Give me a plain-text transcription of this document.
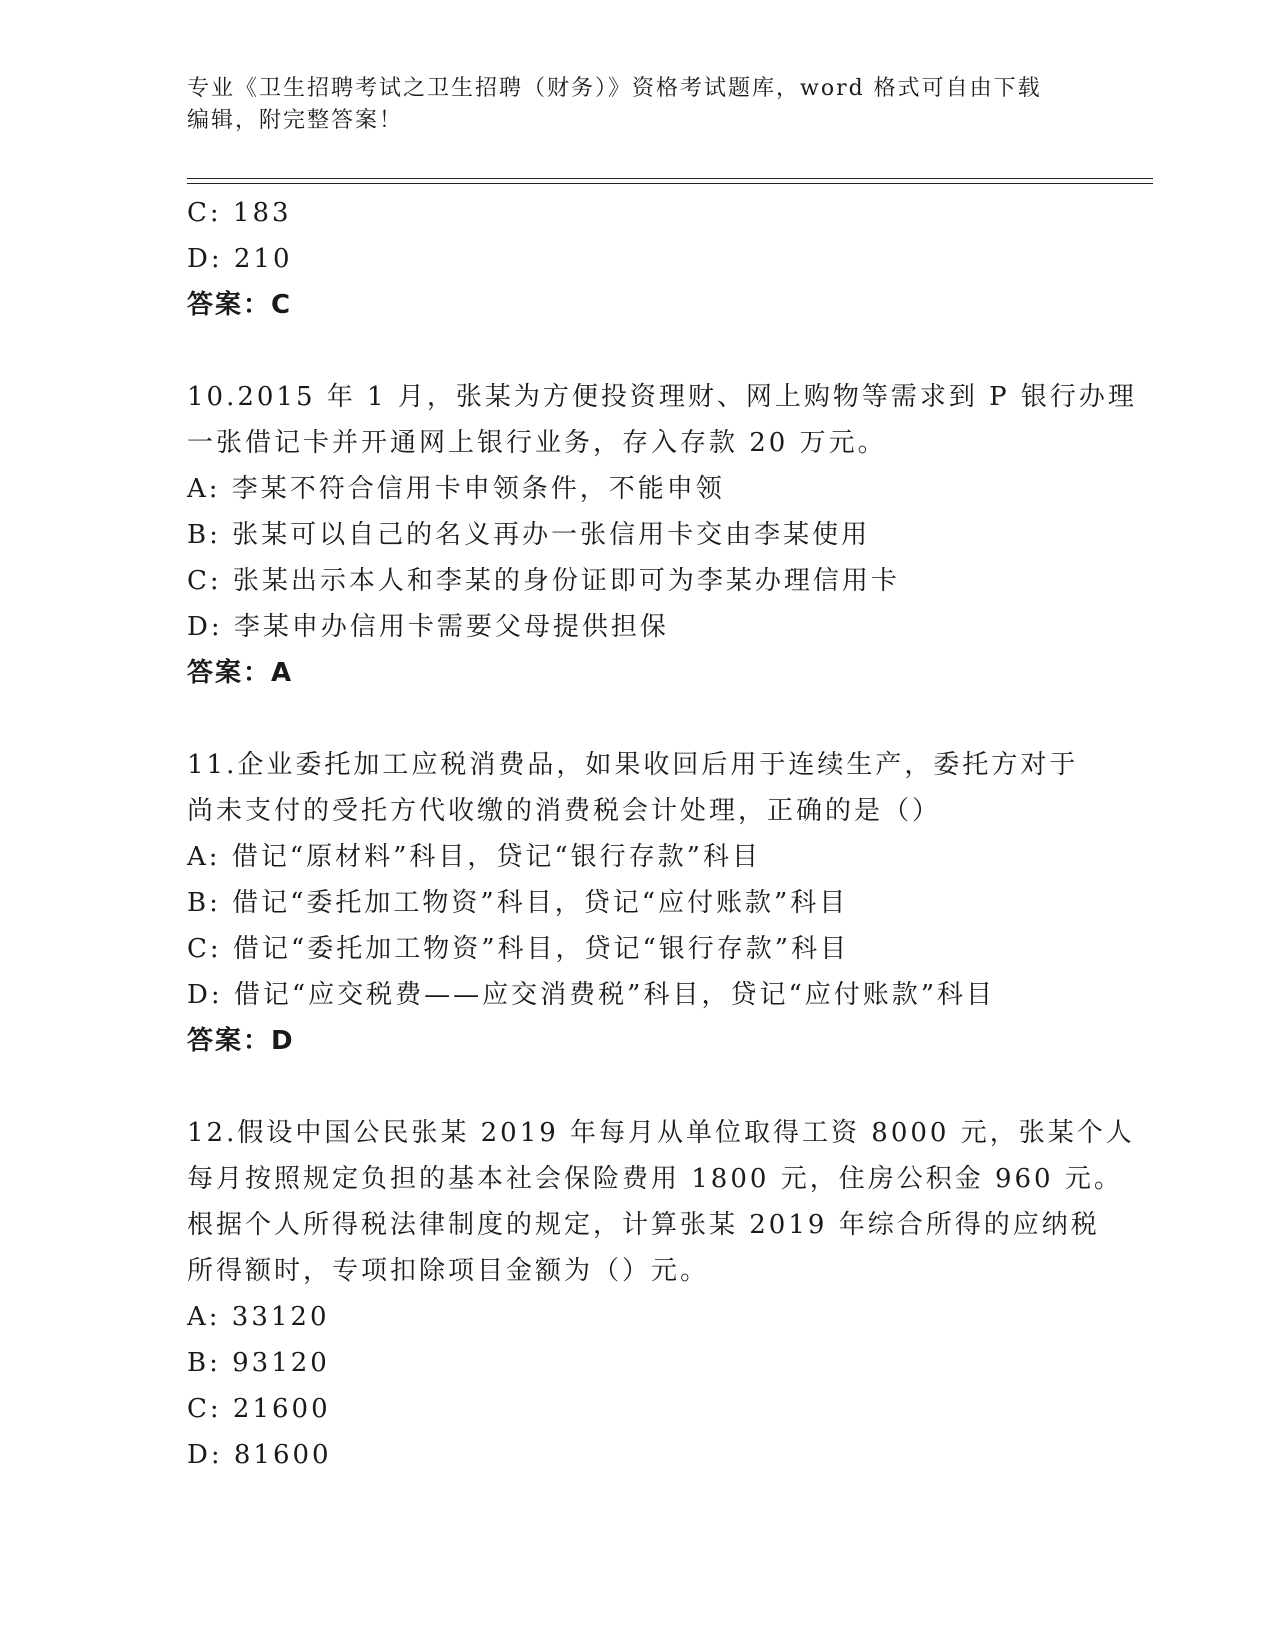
专业《卫生招聘考试之卫生招聘（财务）》资格考试题库，word 格式可自由下载
编辑，附完整答案！
C: 183
D: 210
答案：C
10.2015 年 1 月，张某为方便投资理财、网上购物等需求到 P 银行办理
一张借记卡并开通网上银行业务，存入存款 20 万元。
A: 李某不符合信用卡申领条件，不能申领
B: 张某可以自己的名义再办一张信用卡交由李某使用
C: 张某出示本人和李某的身份证即可为李某办理信用卡
D: 李某申办信用卡需要父母提供担保
答案：A
11.企业委托加工应税消费品，如果收回后用于连续生产，委托方对于
尚未支付的受托方代收缴的消费税会计处理，正确的是（）
A: 借记“原材料”科目，贷记“银行存款”科目
B: 借记“委托加工物资”科目，贷记“应付账款”科目
C: 借记“委托加工物资”科目，贷记“银行存款”科目
D: 借记“应交税费——应交消费税”科目，贷记“应付账款”科目
答案：D
12.假设中国公民张某 2019 年每月从单位取得工资 8000 元，张某个人
每月按照规定负担的基本社会保险费用 1800 元，住房公积金 960 元。
根据个人所得税法律制度的规定，计算张某 2019 年综合所得的应纳税
所得额时，专项扣除项目金额为（）元。
A: 33120
B: 93120
C: 21600
D: 81600
